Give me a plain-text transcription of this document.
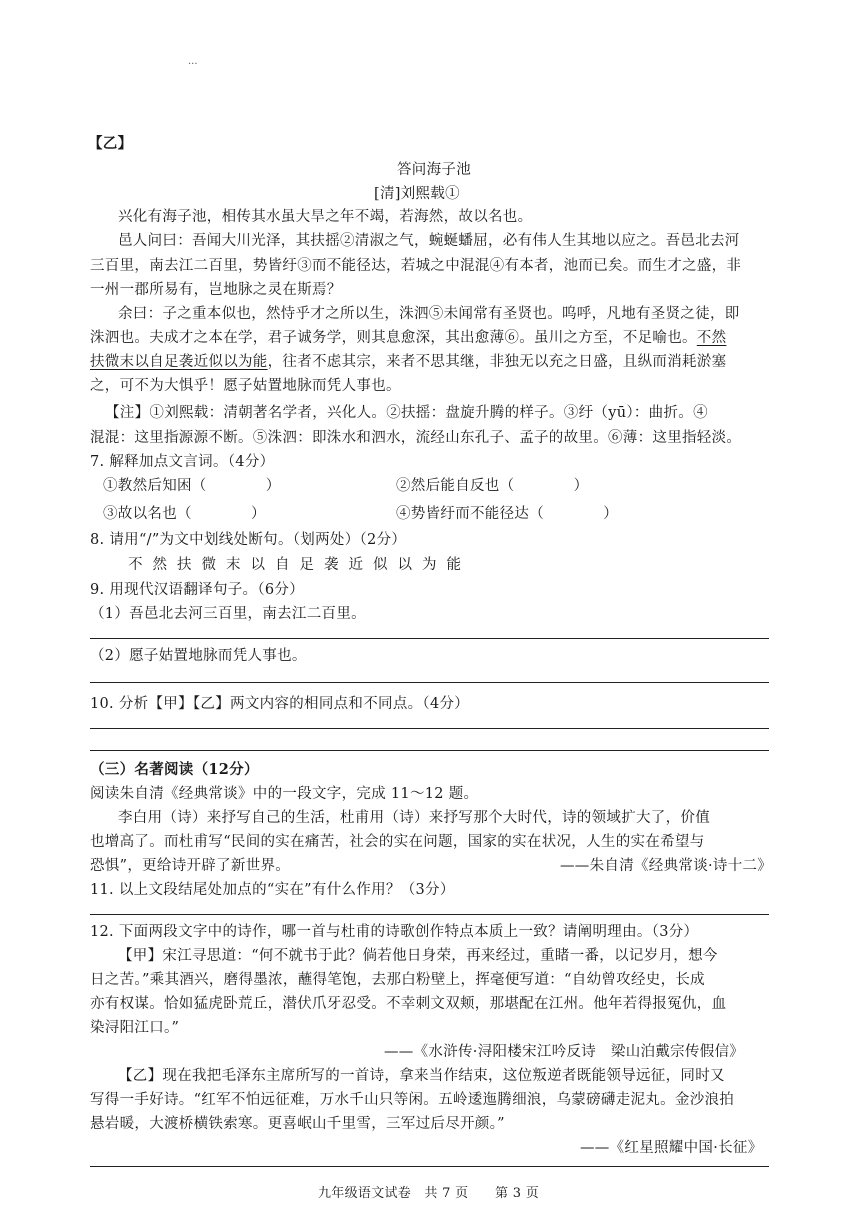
...
【乙】
答问海子池
[清]刘熙载①
兴化有海子池，相传其水虽大旱之年不竭，若海然，故以名也。
邑人问曰：吾闻大川光泽，其扶摇②清淑之气，蜿蜒蟠屈，必有伟人生其地以应之。吾邑北去河
三百里，南去江二百里，势皆纡③而不能径达，若城之中混混④有本者，池而已矣。而生才之盛，非
一州一郡所易有，岂地脉之灵在斯焉？
余曰：子之重本似也，然恃乎才之所以生，洙泗⑤未闻常有圣贤也。呜呼，凡地有圣贤之徒，即
洙泗也。夫成才之本在学，君子诚务学，则其息愈深，其出愈薄⑥。虽川之方至，不足喻也。不然
扶微末以自足袭近似以为能，往者不虑其宗，来者不思其继，非独无以充之日盛，且纵而消耗淤塞
之，可不为大惧乎！愿子姑置地脉而凭人事也。
【注】①刘熙载：清朝著名学者，兴化人。②扶摇：盘旋升腾的样子。③纡（yū）：曲折。④
混混：这里指源源不断。⑤洙泗：即洙水和泗水，流经山东孔子、孟子的故里。⑥薄：这里指轻淡。
7. 解释加点文言词。（4分）
①教然后知困（　　　　）	②然后能自反也（　　　　）
③故以名也（　　　　）	④势皆纡而不能径达（　　　　）
8. 请用“/”为文中划线处断句。（划两处）（2分）
不然扶微末以自足袭近似以为能
9. 用现代汉语翻译句子。（6分）
（1）吾邑北去河三百里，南去江二百里。
（2）愿子姑置地脉而凭人事也。
10. 分析【甲】【乙】两文内容的相同点和不同点。（4分）
（三）名著阅读（12分）
阅读朱自清《经典常谈》中的一段文字，完成 11～12 题。
李白用（诗）来抒写自己的生活，杜甫用（诗）来抒写那个大时代，诗的领域扩大了，价值
也增高了。而杜甫写“民间的实在痛苦，社会的实在问题，国家的实在状况，人生的实在希望与
恐惧”，更给诗开辟了新世界。	——朱自清《经典常谈·诗十二》
11. 以上文段结尾处加点的“实在”有什么作用？（3分）
12. 下面两段文字中的诗作，哪一首与杜甫的诗歌创作特点本质上一致？请阐明理由。（3分）
【甲】宋江寻思道：“何不就书于此？倘若他日身荣，再来经过，重睹一番，以记岁月，想今
日之苦。”乘其酒兴，磨得墨浓，蘸得笔饱，去那白粉壁上，挥毫便写道：“自幼曾攻经史，长成
亦有权谋。恰如猛虎卧荒丘，潜伏爪牙忍受。不幸刺文双颊，那堪配在江州。他年若得报冤仇，血
染浔阳江口。”
——《水浒传·浔阳楼宋江吟反诗　梁山泊戴宗传假信》
【乙】现在我把毛泽东主席所写的一首诗，拿来当作结束，这位叛逆者既能领导远征，同时又
写得一手好诗。“红军不怕远征难，万水千山只等闲。五岭逶迤腾细浪，乌蒙磅礴走泥丸。金沙浪拍
悬岩暖，大渡桥横铁索寒。更喜岷山千里雪，三军过后尽开颜。”
——《红星照耀中国·长征》
九年级语文试卷　共 7 页　　第 3 页
